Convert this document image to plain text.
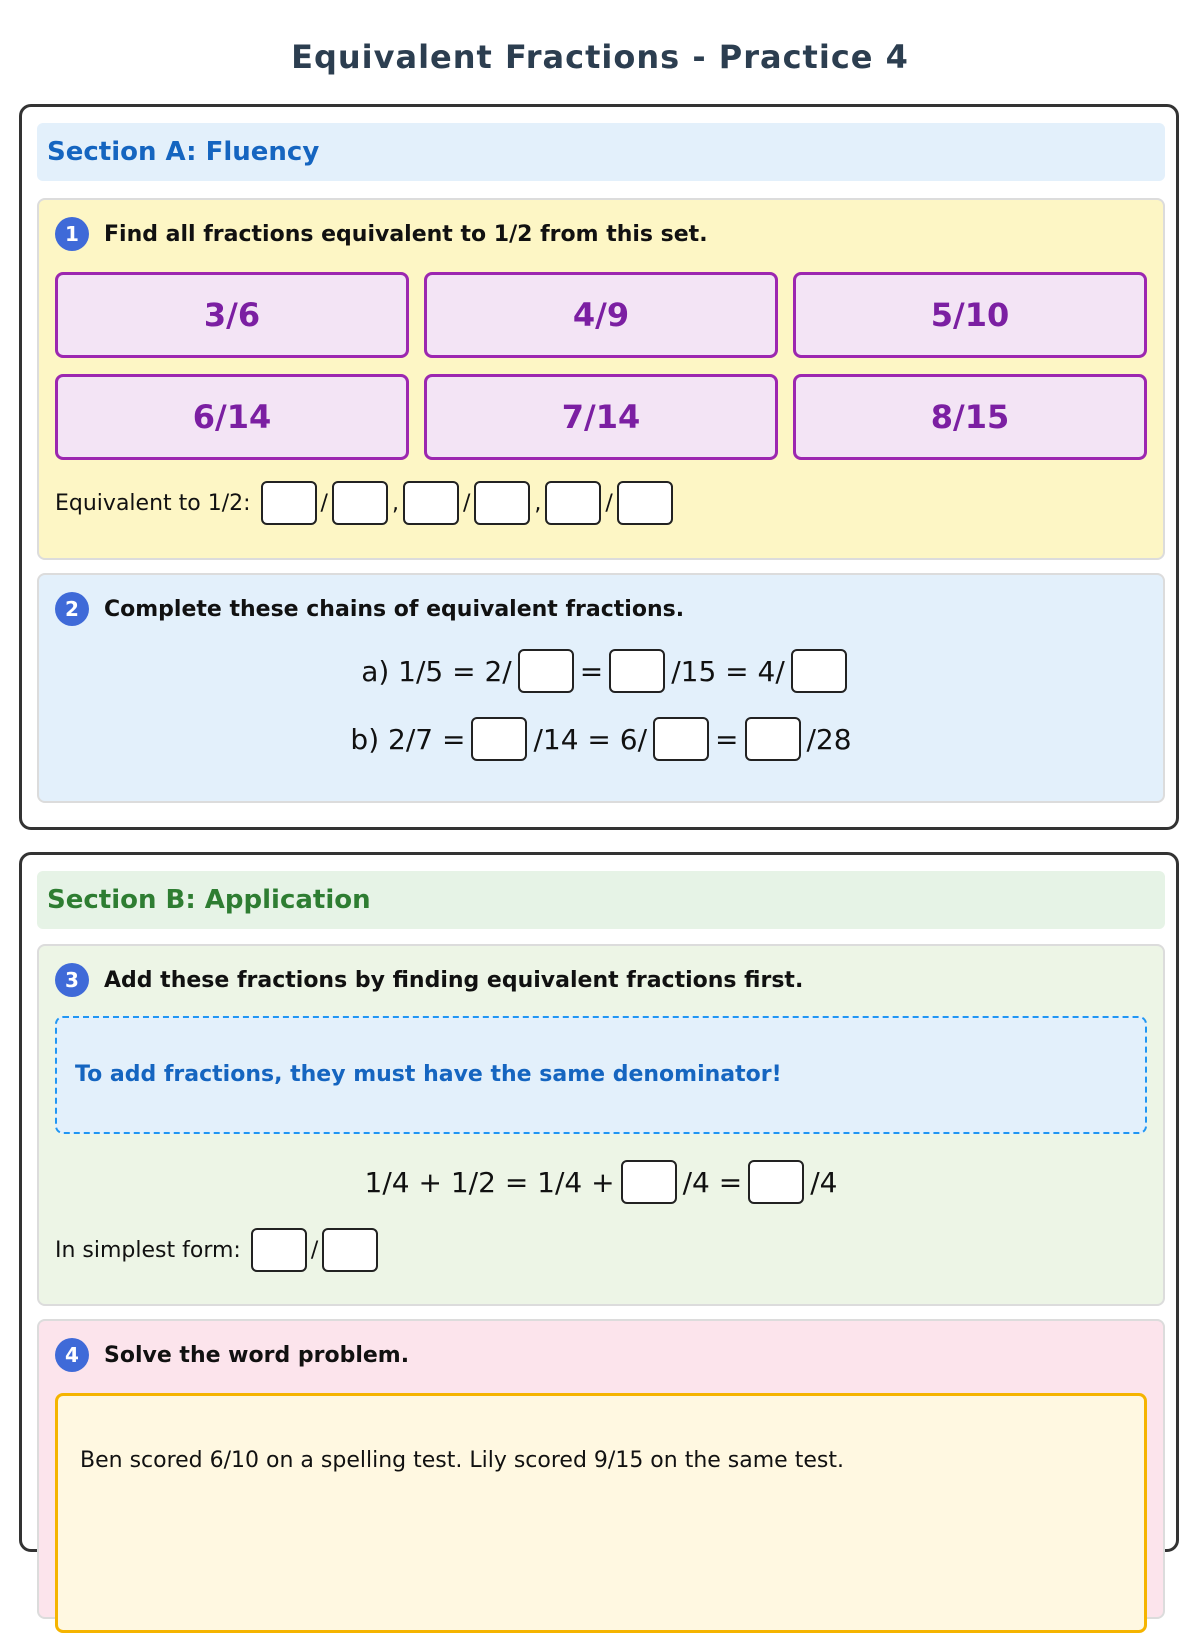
Equivalent Fractions - Practice 4
Section A: Fluency
1	Find all fractions equivalent to 1/2 from this set.
3/6	4/9	5/10
6/14	7/14	8/15
Equivalent to 1/2:	/	,	/	,	/
2	Complete these chains of equivalent fractions.
a) 1/5 = 2/ = /15 = 4/
b) 2/7 = /14 = 6/ = /28
Section B: Application
3	Add these fractions by finding equivalent fractions first.
To add fractions, they must have the same denominator!
1/4 + 1/2 = 1/4 + /4 = /4
In simplest form:	/
4	Solve the word problem.
Ben scored 6/10 on a spelling test. Lily scored 9/15 on the same test.
